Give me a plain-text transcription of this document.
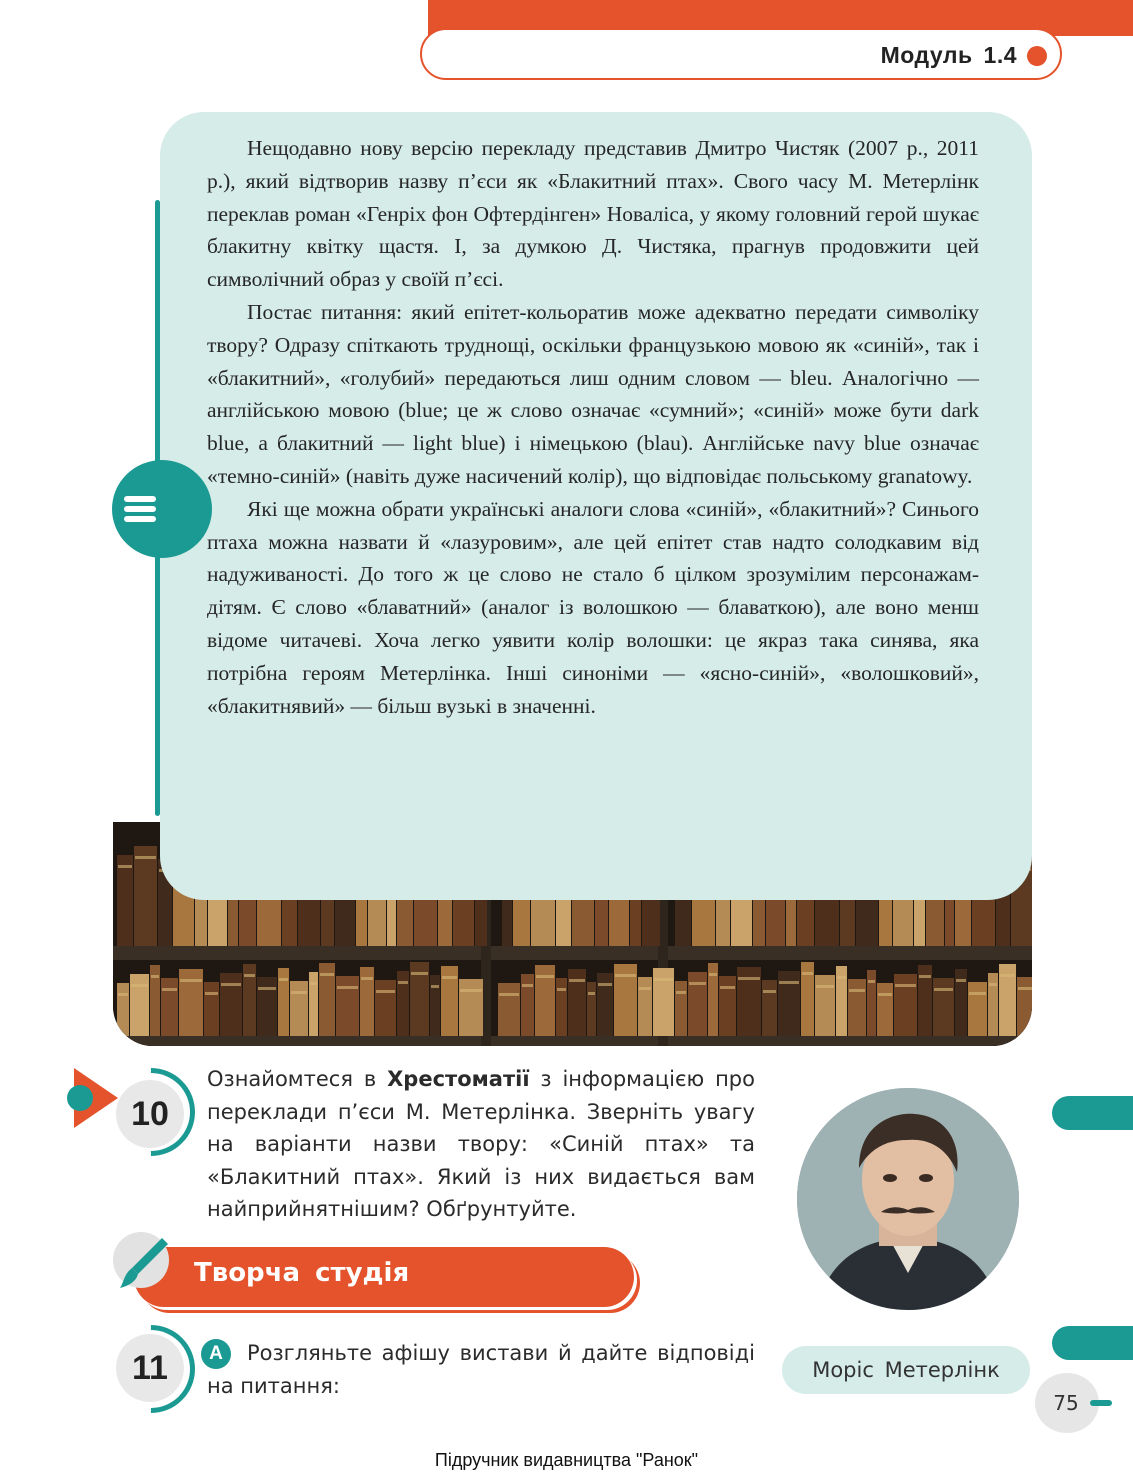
Модуль 1.4

Нещодавно нову версію перекладу представив Дмитро Чистяк (2007 р., 2011 р.), який відтворив назву п’єси як «Блакитний птах». Свого часу М. Метерлінк переклав роман «Генріх фон Офтердінген» Новаліса, у якому головний герой шукає блакитну квітку щастя. І, за думкою Д. Чистяка, прагнув продовжити цей символічний образ у своїй п’єсі.

Постає питання: який епітет-кольоратив може адекватно передати символіку твору? Одразу спіткають труднощі, оскільки французькою мовою як «синій», так і «блакитний», «голубий» передаються лиш одним словом — bleu. Аналогічно — англійською мовою (blue; це ж слово означає «сумний»; «синій» може бути dark blue, а блакитний — light blue) і німецькою (blau). Англійське navy blue означає «темно-синій» (навіть дуже насичений колір), що відповідає польському granatowy.

Які ще можна обрати українські аналоги слова «синій», «блакитний»? Синього птаха можна назвати й «лазуровим», але цей епітет став надто солодкавим від надуживаності. До того ж це слово не стало б цілком зрозумілим персонажам-дітям. Є слово «блаватний» (аналог із волошкою — блаваткою), але воно менш відоме читачеві. Хоча легко уявити колір волошки: це якраз така синява, яка потрібна героям Метерлінка. Інші синоніми — «ясно-синій», «волошковий», «блакитнявий» — більш вузькі в значенні.

10

Ознайомтеся в Хрестоматії з інформацією про переклади п’єси М. Метерлінка. Зверніть увагу на варіанти назви твору: «Синій птах» та «Блакитний птах». Який із них видається вам найприйнятнішим? Обґрунтуйте.

Творча студія
11	А	Розгляньте афішу вистави й дайте відповіді на питання:

Моріс Метерлінк
75
Підручник видавництва "Ранок"
